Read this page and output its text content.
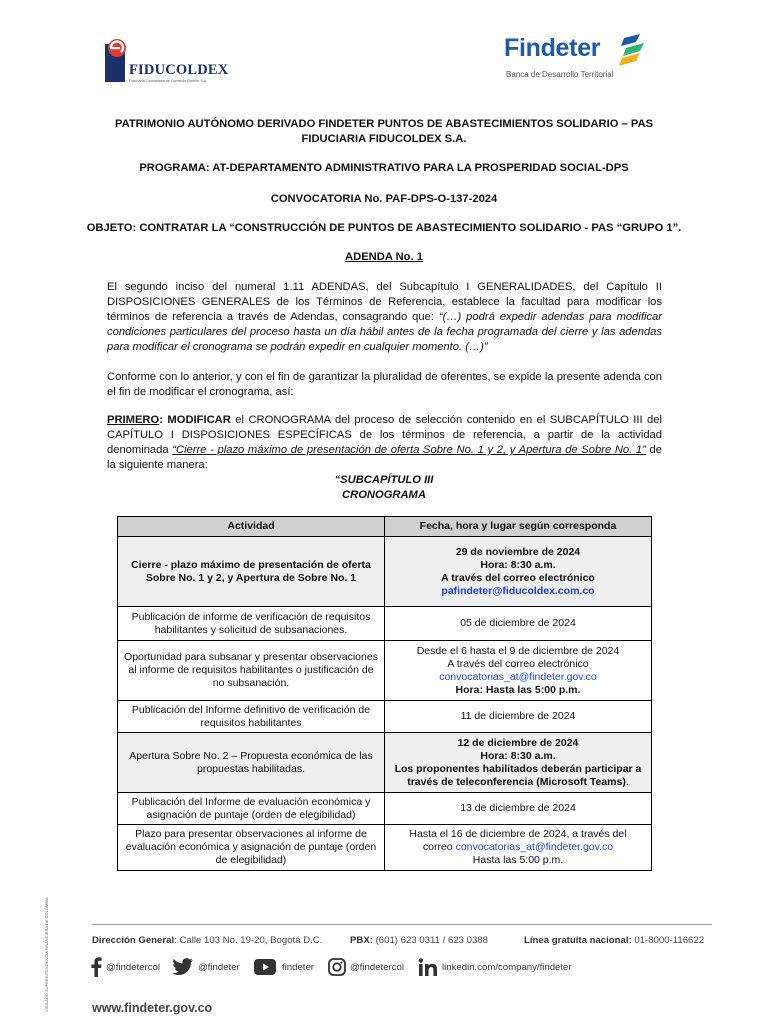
FIDUCOLDEX
Fiduciaria Colombiana de Comercio Exterior S.A.
Findeter
Banca de Desarrollo Territorial
PATRIMONIO AUTÓNOMO DERIVADO FINDETER PUNTOS DE ABASTECIMIENTOS SOLIDARIO – PAS
FIDUCIARIA FIDUCOLDEX S.A.
PROGRAMA: AT-DEPARTAMENTO ADMINISTRATIVO PARA LA PROSPERIDAD SOCIAL-DPS
CONVOCATORIA No. PAF-DPS-O-137-2024
OBJETO: CONTRATAR LA “CONSTRUCCIÓN DE PUNTOS DE ABASTECIMIENTO SOLIDARIO - PAS “GRUPO 1”.
ADENDA No. 1
El segundo inciso del numeral 1.11 ADENDAS, del Subcapítulo I GENERALIDADES, del Capítulo II DISPOSICIONES GENERALES de los Términos de Referencia, establece la facultad para modificar los términos de referencia a través de Adendas, consagrando que: “(…) podrá expedir adendas para modificar condiciones particulares del proceso hasta un día hábil antes de la fecha programada del cierre y las adendas para modificar el cronograma se podrán expedir en cualquier momento. (…)”
Conforme con lo anterior, y con el fin de garantizar la pluralidad de oferentes, se expide la presente adenda con el fin de modificar el cronograma, así:
PRIMERO: MODIFICAR el CRONOGRAMA del proceso de selección contenido en el SUBCAPÍTULO III del CAPÍTULO I DISPOSICIONES ESPECÍFICAS de los términos de referencia, a partir de la actividad denominada “Cierre - plazo máximo de presentación de oferta Sobre No. 1 y 2, y Apertura de Sobre No. 1” de la siguiente manera:
“SUBCAPÍTULO III
CRONOGRAMA
Actividad	Fecha, hora y lugar según corresponda
Cierre - plazo máximo de presentación de oferta Sobre No. 1 y 2, y Apertura de Sobre No. 1	29 de noviembre de 2024
Hora: 8:30 a.m.
A través del correo electrónico
pafindeter@fiducoldex.com.co

Publicación de informe de verificación de requisitos habilitantes y solicitud de subsanaciones.	05 de diciembre de 2024
Oportunidad para subsanar y presentar observaciones al informe de requisitos habilitantes o justificación de no subsanación.	Desde el 6 hasta el 9 de diciembre de 2024
A través del correo electrónico
convocatorias_at@findeter.gov.co
Hora: Hasta las 5:00 p.m.

Publicación del Informe definitivo de verificación de requisitos habilitantes	11 de diciembre de 2024
Apertura Sobre No. 2 – Propuesta económica de las propuestas habilitadas.	12 de diciembre de 2024
Hora: 8:30 a.m.
Los proponentes habilitados deberán participar a través de teleconferencia (Microsoft Teams).

Publicación del Informe de evaluación económica y asignación de puntaje (orden de elegibilidad)	13 de diciembre de 2024
Plazo para presentar observaciones al informe de evaluación económica y asignación de puntaje (orden de elegibilidad)	Hasta el 16 de diciembre de 2024, a través del
correo convocatorias_at@findeter.gov.co
Hasta las 5:00 p.m.
VIGILADO SUPERINTENDENCIA FINANCIERA DE COLOMBIA	Dirección General: Calle 103 No. 19-20, Bogotá D.C.	PBX: (601) 623 0311 / 623 0388	Línea gratuita nacional: 01-8000-116622
@findetercol	@findeter	findeter	@findetercol	linkedin.com/company/findeter
www.findeter.gov.co
